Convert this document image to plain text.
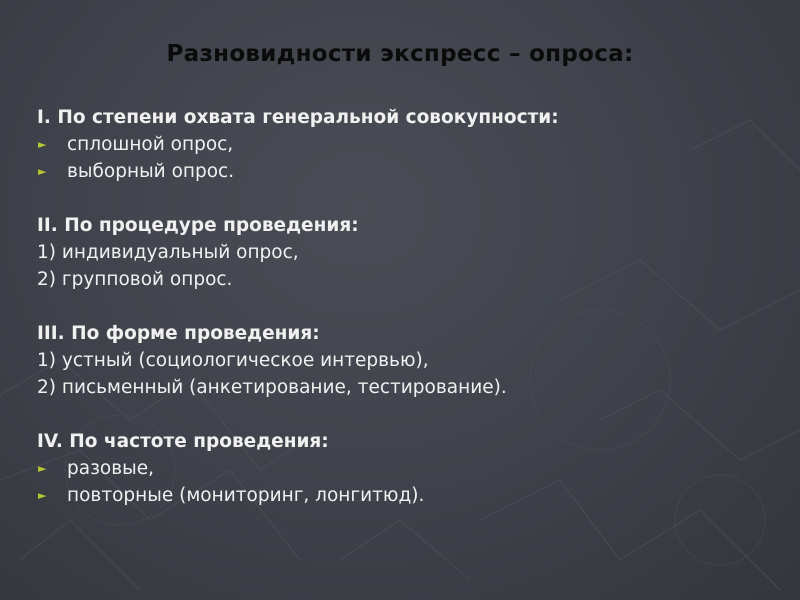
Разновидности экспресс – опроса:
I. По степени охвата генеральной совокупности:
► сплошной опрос,
► выборный опрос.
II. По процедуре проведения:
1) индивидуальный опрос,
2) групповой опрос.
III. По форме проведения:
1) устный (социологическое интервью),
2) письменный (анкетирование, тестирование).
IV. По частоте проведения:
► разовые,
► повторные (мониторинг, лонгитюд).
